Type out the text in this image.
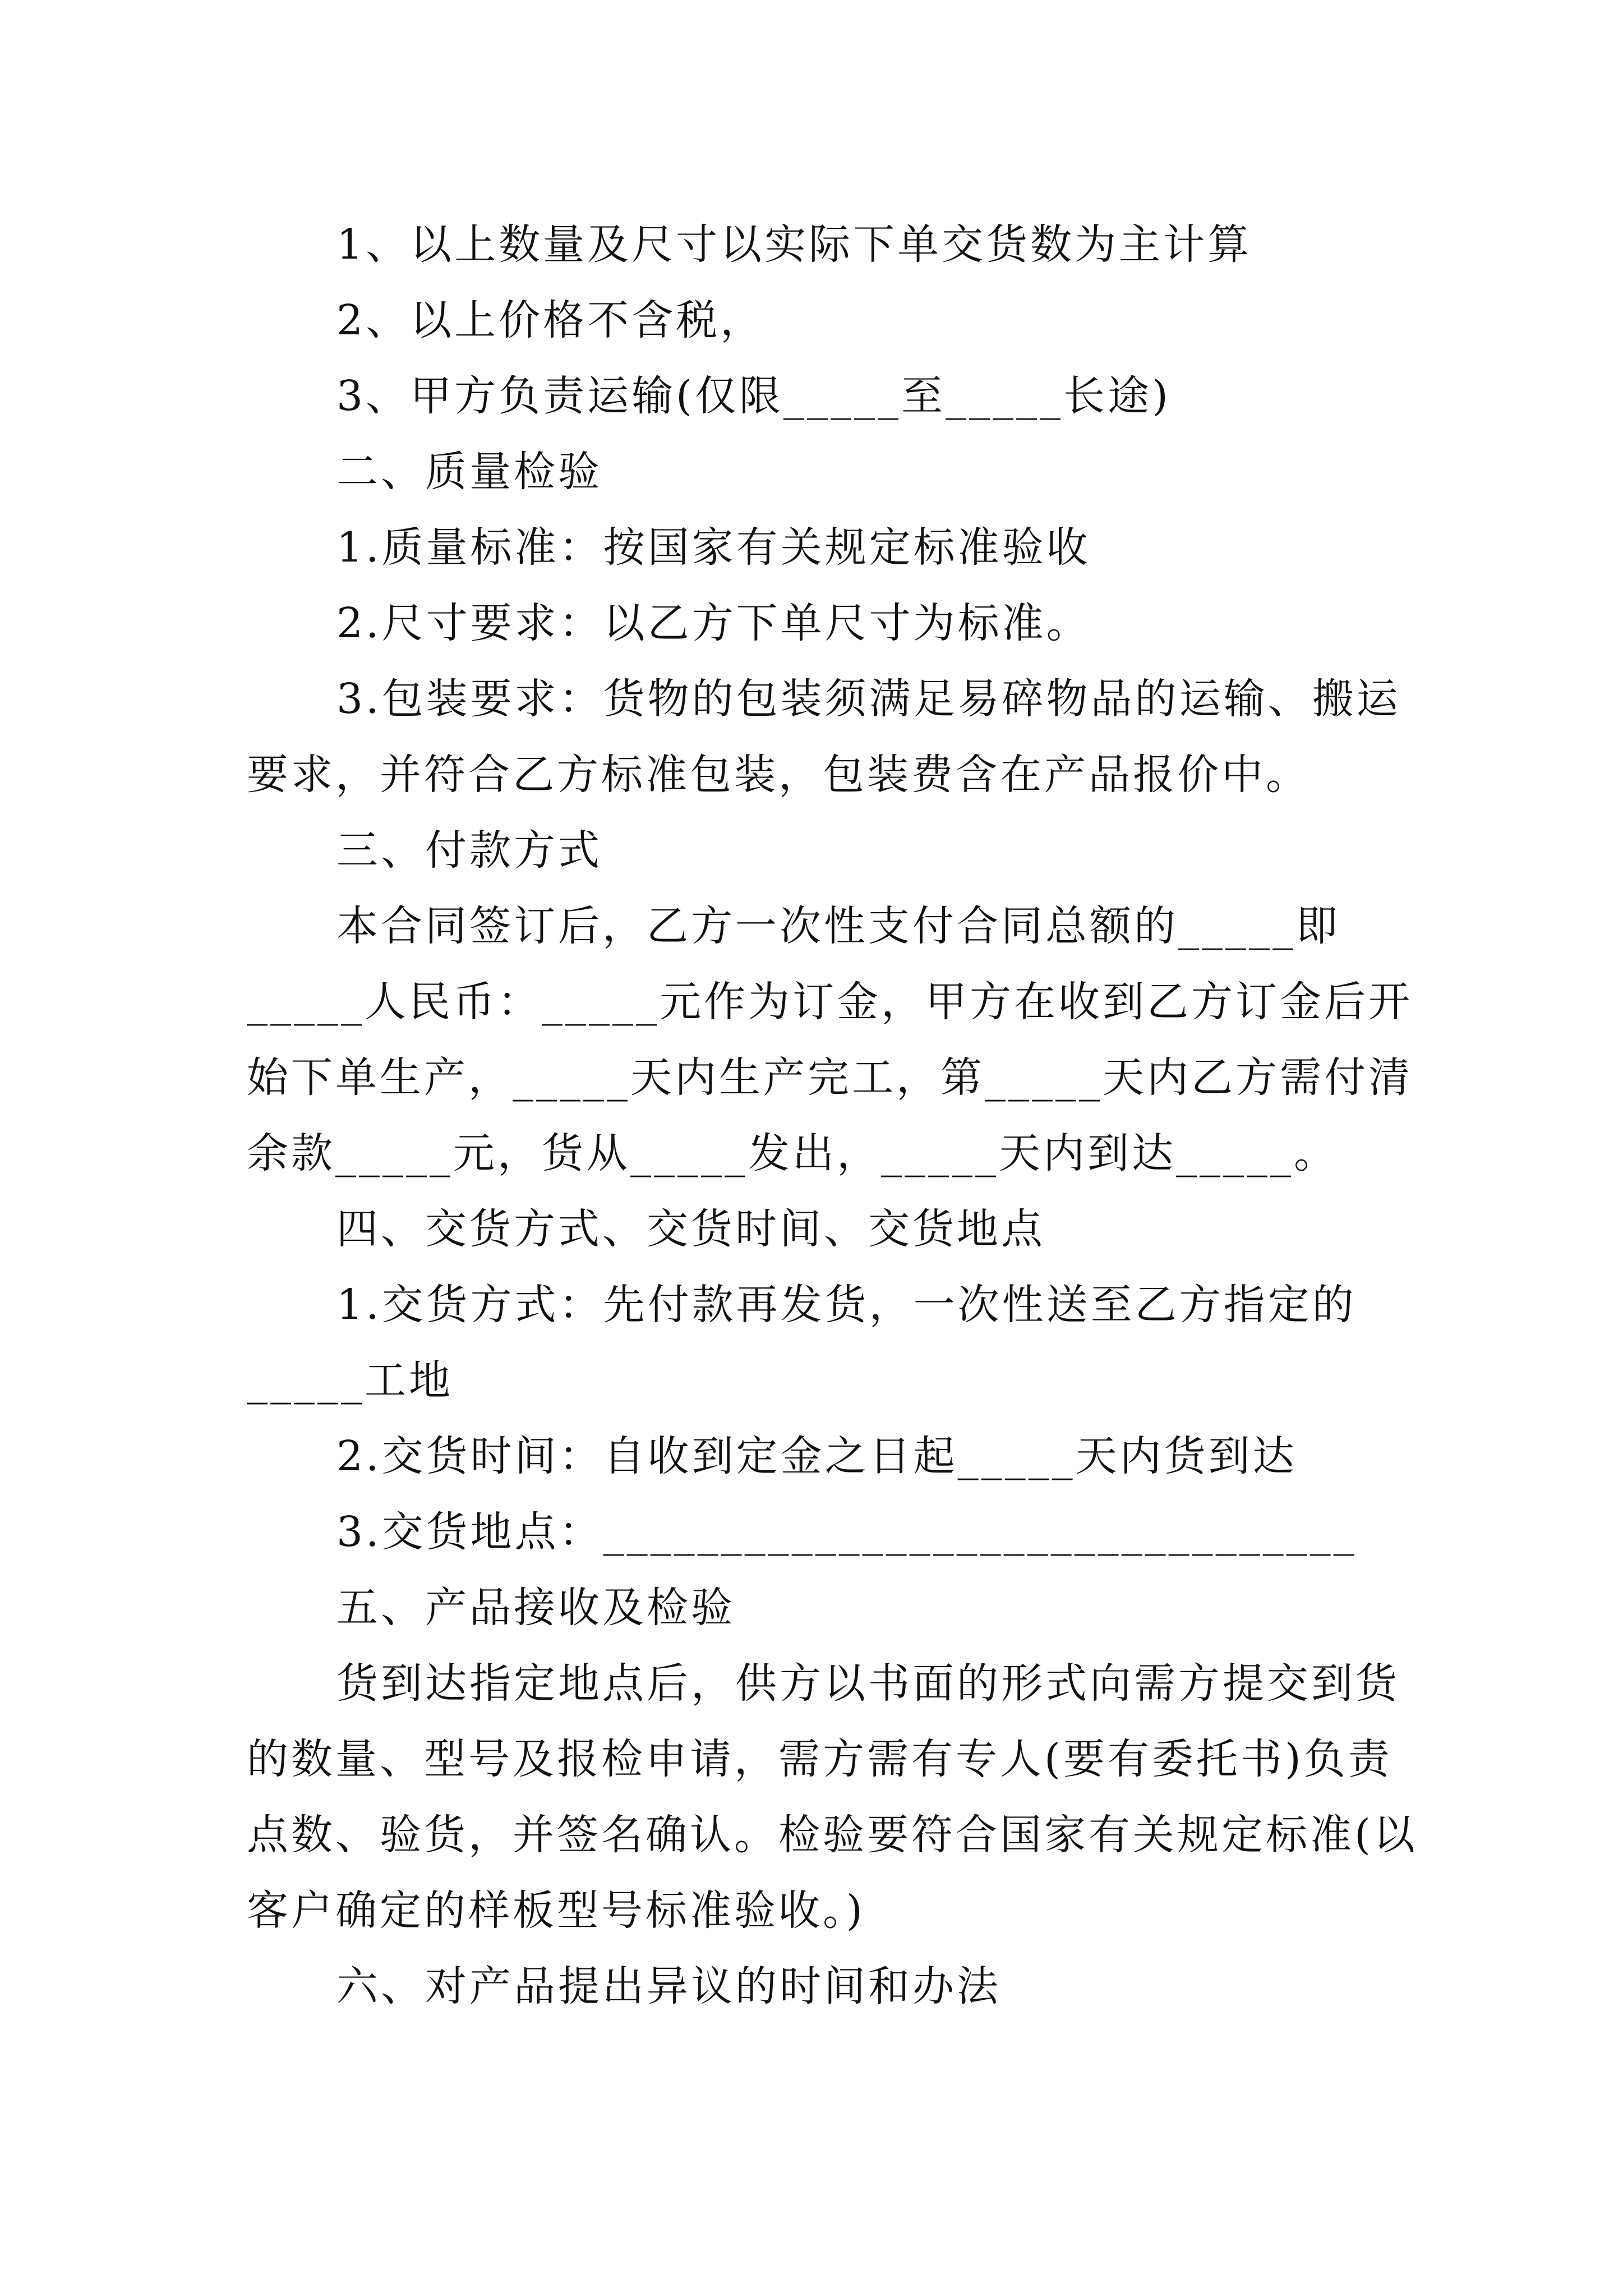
1、以上数量及尺寸以实际下单交货数为主计算
2、以上价格不含税，
3、甲方负责运输(仅限_____至_____长途)
二、质量检验
1.质量标准：按国家有关规定标准验收
2.尺寸要求：以乙方下单尺寸为标准。
3.包装要求：货物的包装须满足易碎物品的运输、搬运
要求，并符合乙方标准包装，包装费含在产品报价中。
三、付款方式
本合同签订后，乙方一次性支付合同总额的_____即
_____人民币：_____元作为订金，甲方在收到乙方订金后开
始下单生产，_____天内生产完工，第_____天内乙方需付清
余款_____元，货从_____发出，_____天内到达_____。
四、交货方式、交货时间、交货地点
1.交货方式：先付款再发货，一次性送至乙方指定的
_____工地
2.交货时间：自收到定金之日起_____天内货到达
3.交货地点：________________________________
五、产品接收及检验
货到达指定地点后，供方以书面的形式向需方提交到货
的数量、型号及报检申请，需方需有专人(要有委托书)负责
点数、验货，并签名确认。检验要符合国家有关规定标准(以
客户确定的样板型号标准验收。)
六、对产品提出异议的时间和办法
